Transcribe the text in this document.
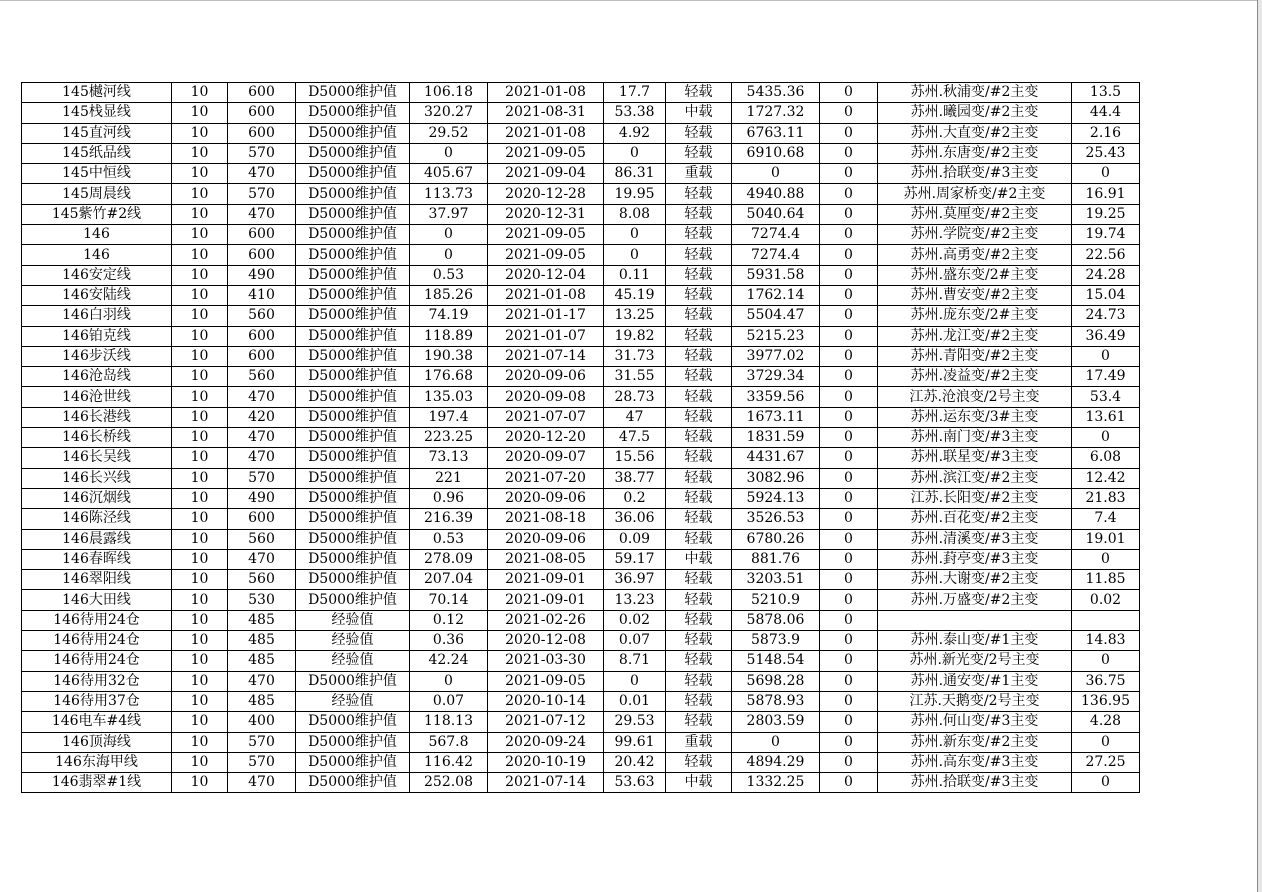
145樾河线	10	600	D5000维护值	106.18	2021-01-08	17.7	轻载	5435.36	0	苏州.秋浦变/#2主变	13.5
145栈显线	10	600	D5000维护值	320.27	2021-08-31	53.38	中载	1727.32	0	苏州.曦园变/#2主变	44.4
145直河线	10	600	D5000维护值	29.52	2021-01-08	4.92	轻载	6763.11	0	苏州.大直变/#2主变	2.16
145纸品线	10	570	D5000维护值	0	2021-09-05	0	轻载	6910.68	0	苏州.东唐变/#2主变	25.43
145中恒线	10	470	D5000维护值	405.67	2021-09-04	86.31	重载	0	0	苏州.拾联变/#3主变	0
145周晨线	10	570	D5000维护值	113.73	2020-12-28	19.95	轻载	4940.88	0	苏州.周家桥变/#2主变	16.91
145紫竹#2线	10	470	D5000维护值	37.97	2020-12-31	8.08	轻载	5040.64	0	苏州.莫厘变/#2主变	19.25
146	10	600	D5000维护值	0	2021-09-05	0	轻载	7274.4	0	苏州.学院变/#2主变	19.74
146	10	600	D5000维护值	0	2021-09-05	0	轻载	7274.4	0	苏州.高勇变/#2主变	22.56
146安定线	10	490	D5000维护值	0.53	2020-12-04	0.11	轻载	5931.58	0	苏州.盛东变/2#主变	24.28
146安陆线	10	410	D5000维护值	185.26	2021-01-08	45.19	轻载	1762.14	0	苏州.曹安变/#2主变	15.04
146白羽线	10	560	D5000维护值	74.19	2021-01-17	13.25	轻载	5504.47	0	苏州.庞东变/2#主变	24.73
146铂克线	10	600	D5000维护值	118.89	2021-01-07	19.82	轻载	5215.23	0	苏州.龙江变/#2主变	36.49
146步沃线	10	600	D5000维护值	190.38	2021-07-14	31.73	轻载	3977.02	0	苏州.青阳变/#2主变	0
146沧岛线	10	560	D5000维护值	176.68	2020-09-06	31.55	轻载	3729.34	0	苏州.凌益变/#2主变	17.49
146沧世线	10	470	D5000维护值	135.03	2020-09-08	28.73	轻载	3359.56	0	江苏.沧浪变/2号主变	53.4
146长港线	10	420	D5000维护值	197.4	2021-07-07	47	轻载	1673.11	0	苏州.运东变/3#主变	13.61
146长桥线	10	470	D5000维护值	223.25	2020-12-20	47.5	轻载	1831.59	0	苏州.南门变/#3主变	0
146长吴线	10	470	D5000维护值	73.13	2020-09-07	15.56	轻载	4431.67	0	苏州.联星变/#3主变	6.08
146长兴线	10	570	D5000维护值	221	2021-07-20	38.77	轻载	3082.96	0	苏州.滨江变/#2主变	12.42
146沉烟线	10	490	D5000维护值	0.96	2020-09-06	0.2	轻载	5924.13	0	江苏.长阳变/#2主变	21.83
146陈泾线	10	600	D5000维护值	216.39	2021-08-18	36.06	轻载	3526.53	0	苏州.百花变/#2主变	7.4
146晨露线	10	560	D5000维护值	0.53	2020-09-06	0.09	轻载	6780.26	0	苏州.清溪变/#3主变	19.01
146春晖线	10	470	D5000维护值	278.09	2021-08-05	59.17	中载	881.76	0	苏州.葑亭变/#3主变	0
146翠阳线	10	560	D5000维护值	207.04	2021-09-01	36.97	轻载	3203.51	0	苏州.大谢变/#2主变	11.85
146大田线	10	530	D5000维护值	70.14	2021-09-01	13.23	轻载	5210.9	0	苏州.万盛变/#2主变	0.02
146待用24仓	10	485	经验值	0.12	2021-02-26	0.02	轻载	5878.06	0		
146待用24仓	10	485	经验值	0.36	2020-12-08	0.07	轻载	5873.9	0	苏州.泰山变/#1主变	14.83
146待用24仓	10	485	经验值	42.24	2021-03-30	8.71	轻载	5148.54	0	苏州.新光变/2号主变	0
146待用32仓	10	470	D5000维护值	0	2021-09-05	0	轻载	5698.28	0	苏州.通安变/#1主变	36.75
146待用37仓	10	485	经验值	0.07	2020-10-14	0.01	轻载	5878.93	0	江苏.天鹅变/2号主变	136.95
146电车#4线	10	400	D5000维护值	118.13	2021-07-12	29.53	轻载	2803.59	0	苏州.何山变/#3主变	4.28
146顶海线	10	570	D5000维护值	567.8	2020-09-24	99.61	重载	0	0	苏州.新东变/#2主变	0
146东海甲线	10	570	D5000维护值	116.42	2020-10-19	20.42	轻载	4894.29	0	苏州.高东变/#3主变	27.25
146翡翠#1线	10	470	D5000维护值	252.08	2021-07-14	53.63	中载	1332.25	0	苏州.拾联变/#3主变	0
